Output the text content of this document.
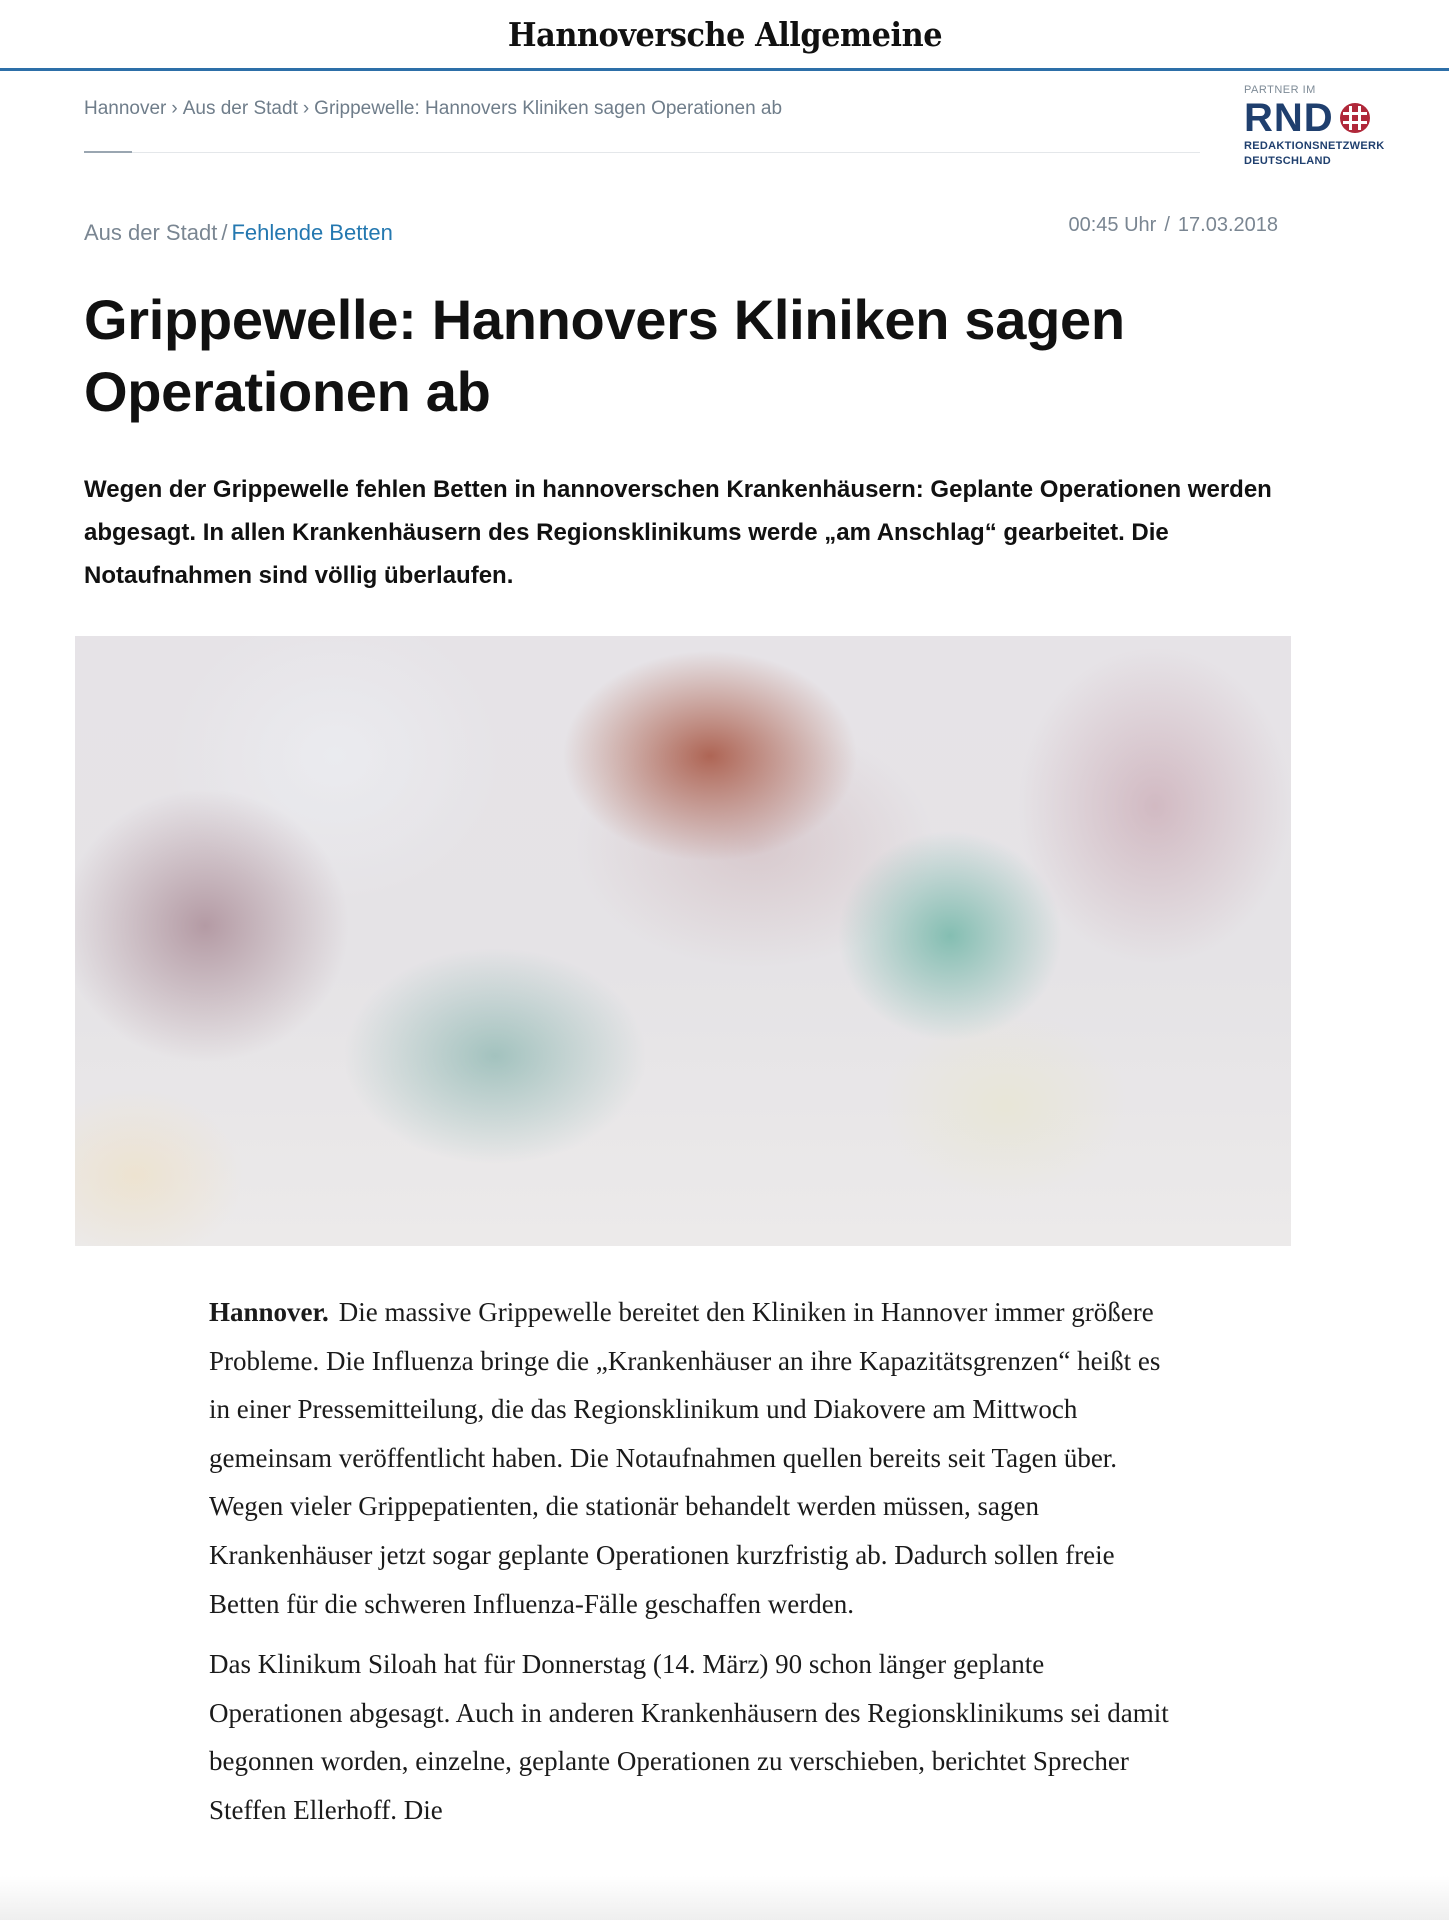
Hannoversche Allgemeine
Hannover › Aus der Stadt › Grippewelle: Hannovers Kliniken sagen Operationen ab
PARTNER IM
RND
REDAKTIONSNETZWERK
DEUTSCHLAND
Aus der Stadt / Fehlende Betten	00:45 Uhr / 17.03.2018
Grippewelle: Hannovers Kliniken sagen Operationen ab

Wegen der Grippewelle fehlen Betten in hannoverschen Krankenhäusern: Geplante Operationen werden abgesagt. In allen Krankenhäusern des Regionsklinikums werde „am Anschlag“ gearbeitet. Die Notaufnahmen sind völlig überlaufen.

Hannover. Die massive Grippewelle bereitet den Kliniken in Hannover immer größere Probleme. Die Influenza bringe die „Krankenhäuser an ihre Kapazitätsgrenzen“ heißt es in einer Pressemitteilung, die das Regionsklinikum und Diakovere am Mittwoch gemeinsam veröffentlicht haben. Die Notaufnahmen quellen bereits seit Tagen über. Wegen vieler Grippepatienten, die stationär behandelt werden müssen, sagen Krankenhäuser jetzt sogar geplante Operationen kurzfristig ab. Dadurch sollen freie Betten für die schweren Influenza-Fälle geschaffen werden.

Das Klinikum Siloah hat für Donnerstag (14. März) 90 schon länger geplante Operationen abgesagt. Auch in anderen Krankenhäusern des Regionsklinikums sei damit begonnen worden, einzelne, geplante Operationen zu verschieben, berichtet Sprecher Steffen Ellerhoff. Die
